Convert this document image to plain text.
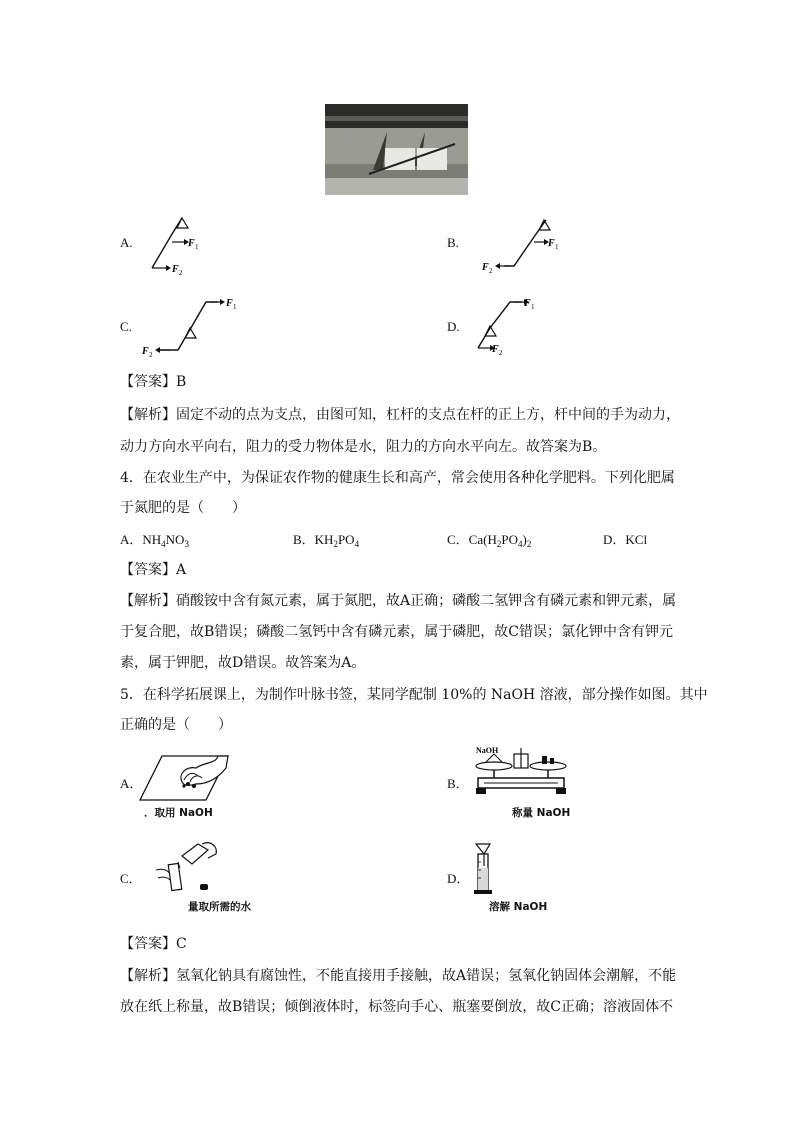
A.	B.
C.	D.
F 1
F 2
F 1
F 2
F 1
F 2
F 1
F 2
【答案】B
【解析】固定不动的点为支点，由图可知，杠杆的支点在杆的正上方，杆中间的手为动力，
动力方向水平向右，阻力的受力物体是水，阻力的方向水平向左。故答案为B。
4．在农业生产中，为保证农作物的健康生长和高产，常会使用各种化学肥料。下列化肥属
于氮肥的是（　　）
A．$NH_4NO_3$	B．$KH_2PO_4$	C．$Ca(H_2PO_4)_2$	D．KCl
【答案】A
【解析】硝酸铵中含有氮元素，属于氮肥，故A正确；磷酸二氢钾含有磷元素和钾元素，属
于复合肥，故B错误；磷酸二氢钙中含有磷元素，属于磷肥，故C错误；氯化钾中含有钾元
素，属于钾肥，故D错误。故答案为A。
5．在科学拓展课上，为制作叶脉书签，某同学配制 10%的 NaOH 溶液，部分操作如图。其中
正确的是（　　）
A．
．取用 NaOH
B．
NaOH
称量 NaOH
C．
量取所需的水
D．
溶解 NaOH
【答案】C
【解析】氢氧化钠具有腐蚀性，不能直接用手接触，故A错误；氢氧化钠固体会潮解，不能
放在纸上称量，故B错误；倾倒液体时，标签向手心、瓶塞要倒放，故C正确；溶液固体不
